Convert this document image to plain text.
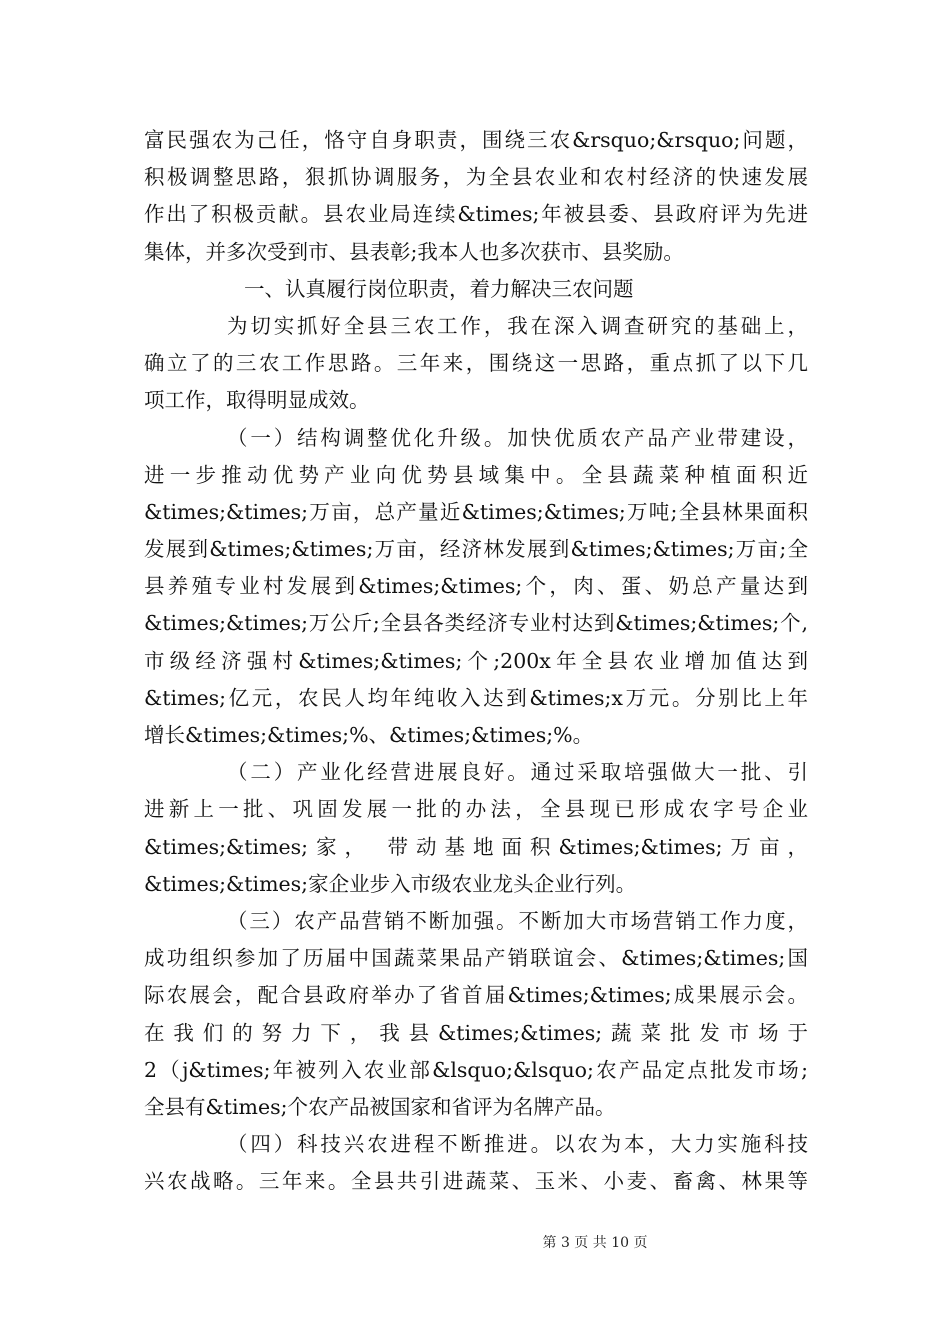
富民强农为己任，恪守自身职责，围绕三农&rsquo;&rsquo;问题，
积极调整思路，狠抓协调服务，为全县农业和农村经济的快速发展
作出了积极贡献。县农业局连续&times;年被县委、县政府评为先进
集体，并多次受到市、县表彰;我本人也多次获市、县奖励。
一、认真履行岗位职责，着力解决三农问题
为切实抓好全县三农工作，我在深入调查研究的基础上，
确立了的三农工作思路。三年来，围绕这一思路，重点抓了以下几
项工作，取得明显成效。
（一）结构调整优化升级。加快优质农产品产业带建设，
进一步推动优势产业向优势县域集中。全县蔬菜种植面积近
&times;&times;万亩，总产量近&times;&times;万吨;全县林果面积
发展到&times;&times;万亩，经济林发展到&times;&times;万亩;全
县养殖专业村发展到&times;&times;个，肉、蛋、奶总产量达到
&times;&times;万公斤;全县各类经济专业村达到&times;&times;个,
市级经济强村&times;&times;个;200x年全县农业增加值达到
&times;亿元，农民人均年纯收入达到&times;x万元。分别比上年
增长&times;&times;%、&times;&times;%。
（二）产业化经营进展良好。通过采取培强做大一批、引
进新上一批、巩固发展一批的办法，全县现已形成农字号企业
&times;&times;家， 带动基地面积&times;&times;万亩，
&times;&times;家企业步入市级农业龙头企业行列。
（三）农产品营销不断加强。不断加大市场营销工作力度，
成功组织参加了历届中国蔬菜果品产销联谊会、&times;&times;国
际农展会，配合县政府举办了省首届&times;&times;成果展示会。
在我们的努力下，我县&times;&times;蔬菜批发市场于
2（j&times;年被列入农业部&lsquo;&lsquo;农产品定点批发市场;
全县有&times;个农产品被国家和省评为名牌产品。
（四）科技兴农进程不断推进。以农为本，大力实施科技
兴农战略。三年来。全县共引进蔬菜、玉米、小麦、畜禽、林果等
第 3 页 共 10 页
